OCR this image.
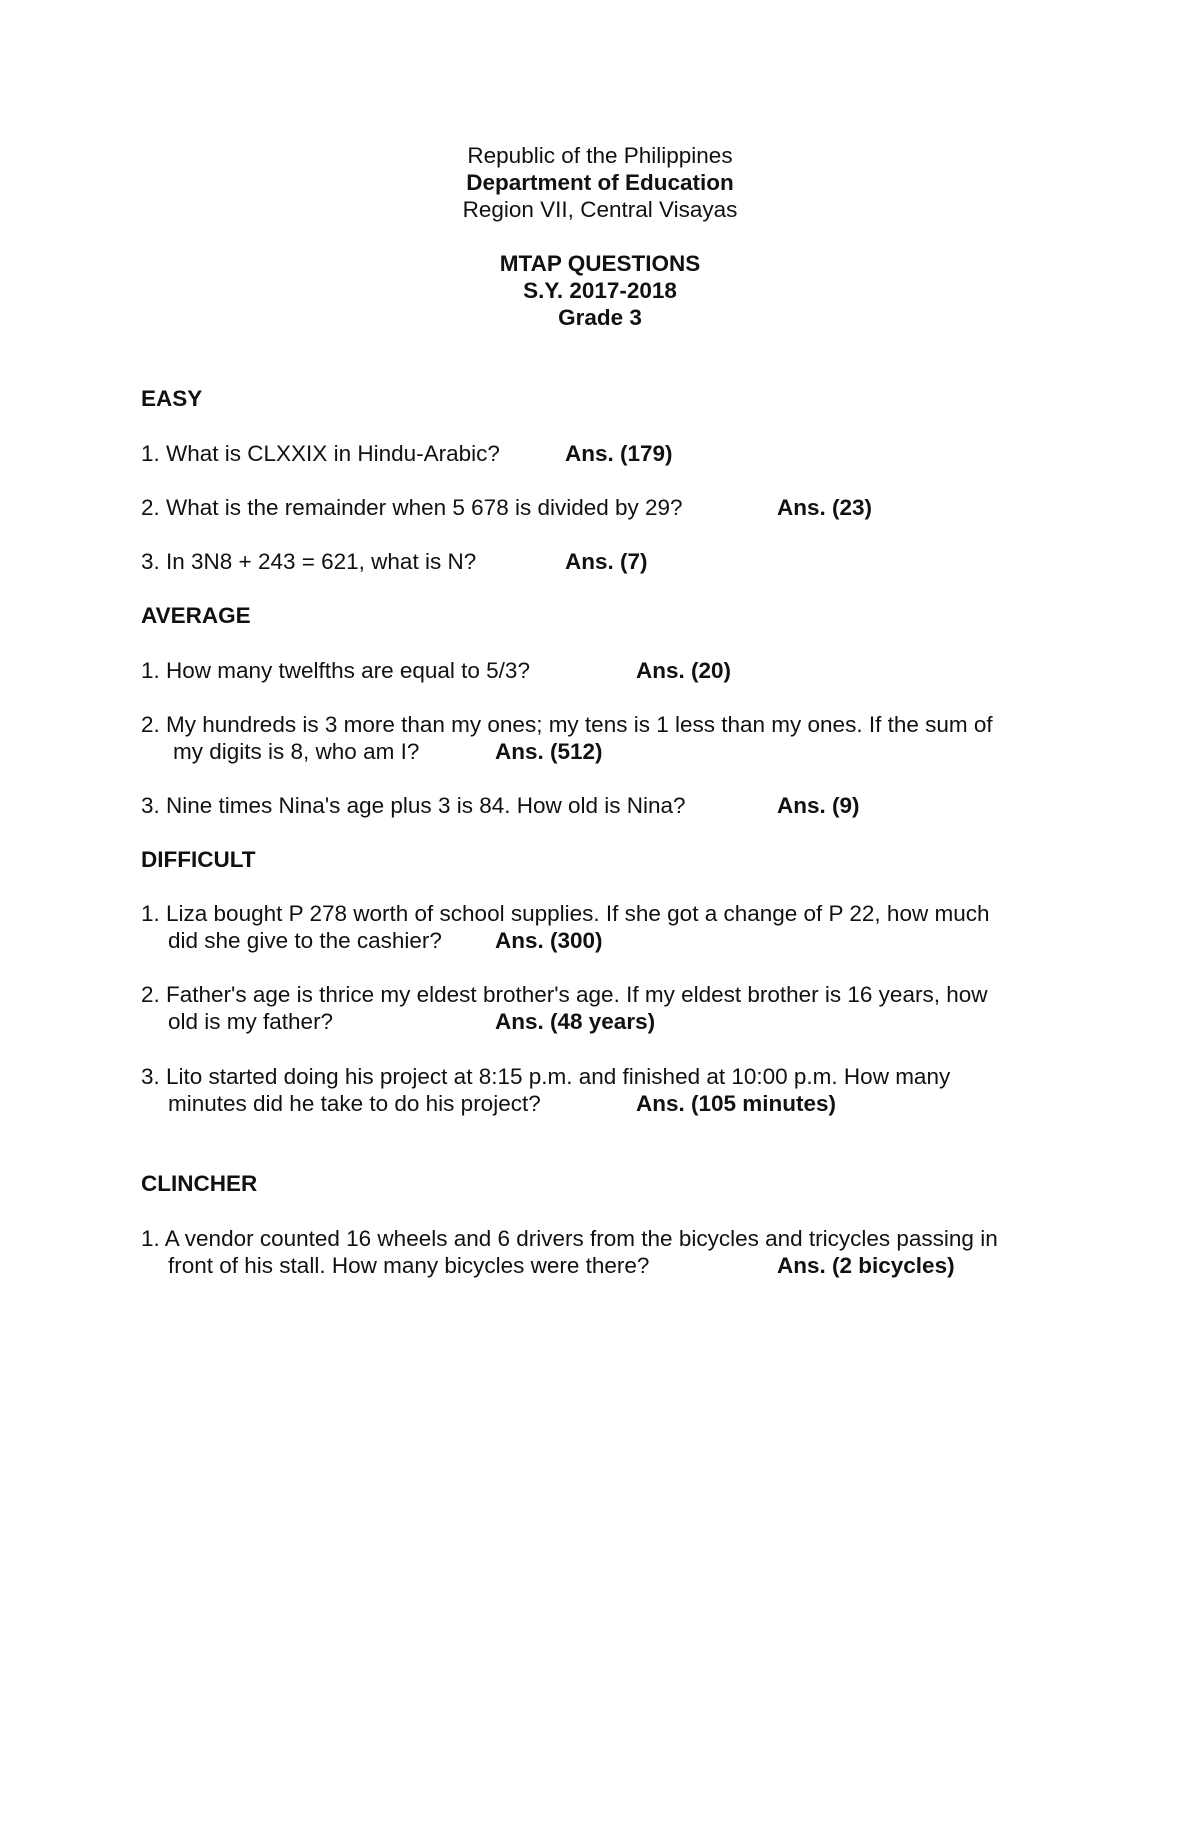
Republic of the Philippines
Department of Education
Region VII, Central Visayas
MTAP QUESTIONS
S.Y. 2017-2018
Grade 3
EASY
1. What is CLXXIX in Hindu-Arabic?	Ans. (179)
2. What is the remainder when 5 678 is divided by 29?	Ans. (23)
3. In 3N8 + 243 = 621, what is N?	Ans. (7)
AVERAGE
1. How many twelfths are equal to 5/3?	Ans. (20)
2. My hundreds is 3 more than my ones; my tens is 1 less than my ones. If the sum of
my digits is 8, who am I?	Ans. (512)
3. Nine times Nina's age plus 3 is 84. How old is Nina?	Ans. (9)
DIFFICULT
1. Liza bought P 278 worth of school supplies. If she got a change of P 22, how much
did she give to the cashier? Ans. (300)
2. Father's age is thrice my eldest brother's age. If my eldest brother is 16 years, how
old is my father?	Ans. (48 years)
3. Lito started doing his project at 8:15 p.m. and finished at 10:00 p.m. How many
minutes did he take to do his project?	Ans. (105 minutes)
CLINCHER
1. A vendor counted 16 wheels and 6 drivers from the bicycles and tricycles passing in
front of his stall. How many bicycles were there?	Ans. (2 bicycles)
